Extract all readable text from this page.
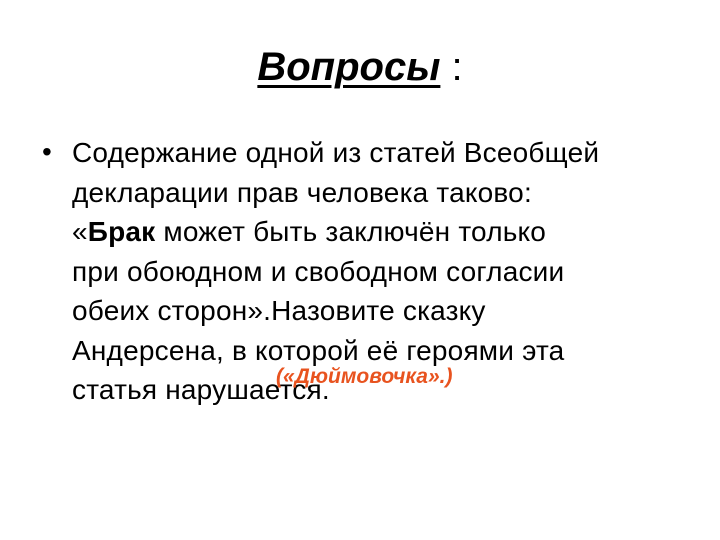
Вопросы :
• Содержание одной из статей Всеобщей
декларации прав человека таково:
«Брак может быть заключён только
при обоюдном и свободном согласии
обеих сторон».Назовите сказку
Андерсена, в которой её героями эта
статья нарушается.
(«Дюймовочка».)
